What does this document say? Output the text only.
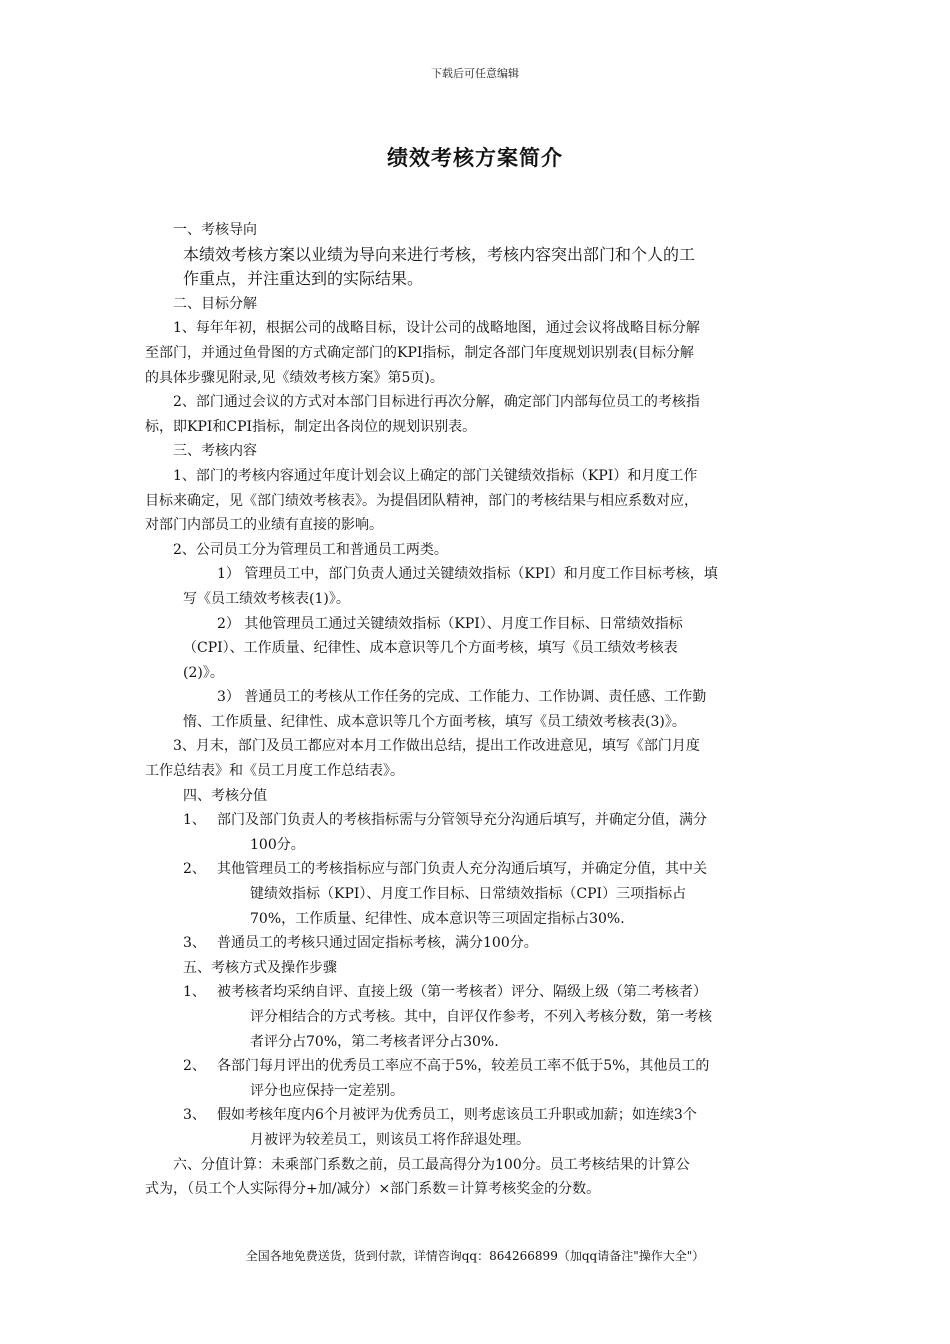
下载后可任意编辑
绩效考核方案简介
一、考核导向
本绩效考核方案以业绩为导向来进行考核，考核内容突出部门和个人的工
作重点，并注重达到的实际结果。
二、目标分解
1、每年年初，根据公司的战略目标，设计公司的战略地图，通过会议将战略目标分解
至部门，并通过鱼骨图的方式确定部门的KPI指标，制定各部门年度规划识别表(目标分解
的具体步骤见附录,见《绩效考核方案》第5页)。
2、部门通过会议的方式对本部门目标进行再次分解，确定部门内部每位员工的考核指
标，即KPI和CPI指标，制定出各岗位的规划识别表。
三、考核内容
1、部门的考核内容通过年度计划会议上确定的部门关键绩效指标（KPI）和月度工作
目标来确定，见《部门绩效考核表》。为提倡团队精神，部门的考核结果与相应系数对应，
对部门内部员工的业绩有直接的影响。
2、公司员工分为管理员工和普通员工两类。
1） 管理员工中，部门负责人通过关键绩效指标（KPI）和月度工作目标考核，填
写《员工绩效考核表(1)》。
2） 其他管理员工通过关键绩效指标（KPI）、月度工作目标、日常绩效指标
（CPI）、工作质量、纪律性、成本意识等几个方面考核，填写《员工绩效考核表
(2)》。
3） 普通员工的考核从工作任务的完成、工作能力、工作协调、责任感、工作勤
惰、工作质量、纪律性、成本意识等几个方面考核，填写《员工绩效考核表(3)》。
3、月末，部门及员工都应对本月工作做出总结，提出工作改进意见，填写《部门月度
工作总结表》和《员工月度工作总结表》。
四、考核分值
1、 部门及部门负责人的考核指标需与分管领导充分沟通后填写，并确定分值，满分
100分。
2、 其他管理员工的考核指标应与部门负责人充分沟通后填写，并确定分值，其中关
键绩效指标（KPI）、月度工作目标、日常绩效指标（CPI）三项指标占
70%，工作质量、纪律性、成本意识等三项固定指标占30%.
3、 普通员工的考核只通过固定指标考核，满分100分。
五、考核方式及操作步骤
1、 被考核者均采纳自评、直接上级（第一考核者）评分、隔级上级（第二考核者）
评分相结合的方式考核。其中，自评仅作参考，不列入考核分数，第一考核
者评分占70%，第二考核者评分占30%.
2、 各部门每月评出的优秀员工率应不高于5%，较差员工率不低于5%，其他员工的
评分也应保持一定差别。
3、 假如考核年度内6个月被评为优秀员工，则考虑该员工升职或加薪；如连续3个
月被评为较差员工，则该员工将作辞退处理。
六、分值计算：未乘部门系数之前，员工最高得分为100分。员工考核结果的计算公
式为，（员工个人实际得分+加/减分）×部门系数＝计算考核奖金的分数。
全国各地免费送货，货到付款，详情咨询qq：864266899（加qq请备注"操作大全"）
